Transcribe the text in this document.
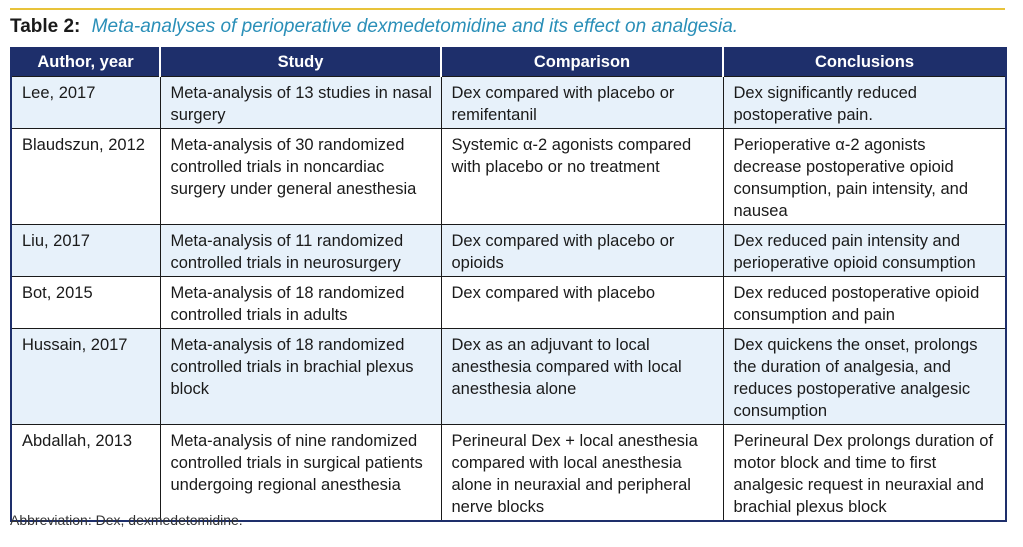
Table 2: Meta-analyses of perioperative dexmedetomidine and its effect on analgesia.
Author, year	Study	Comparison	Conclusions
Lee, 2017	Meta-analysis of 13 studies in nasal surgery	Dex compared with placebo or remifentanil	Dex significantly reduced postoperative pain.
Blaudszun, 2012	Meta-analysis of 30 randomized controlled trials in noncardiac surgery under general anesthesia	Systemic α-2 agonists compared with placebo or no treatment	Perioperative α-2 agonists decrease postoperative opioid consumption, pain intensity, and nausea
Liu, 2017	Meta-analysis of 11 randomized controlled trials in neurosurgery	Dex compared with placebo or opioids	Dex reduced pain intensity and perioperative opioid consumption
Bot, 2015	Meta-analysis of 18 randomized controlled trials in adults	Dex compared with placebo	Dex reduced postoperative opioid consumption and pain
Hussain, 2017	Meta-analysis of 18 randomized controlled trials in brachial plexus block	Dex as an adjuvant to local anesthesia compared with local anesthesia alone	Dex quickens the onset, prolongs the duration of analgesia, and reduces postoperative analgesic consumption
Abdallah, 2013	Meta-analysis of nine randomized controlled trials in surgical patients undergoing regional anesthesia	Perineural Dex + local anesthesia compared with local anesthesia alone in neuraxial and peripheral nerve blocks	Perineural Dex prolongs duration of motor block and time to first analgesic request in neuraxial and brachial plexus block
Abbreviation: Dex, dexmedetomidine.
